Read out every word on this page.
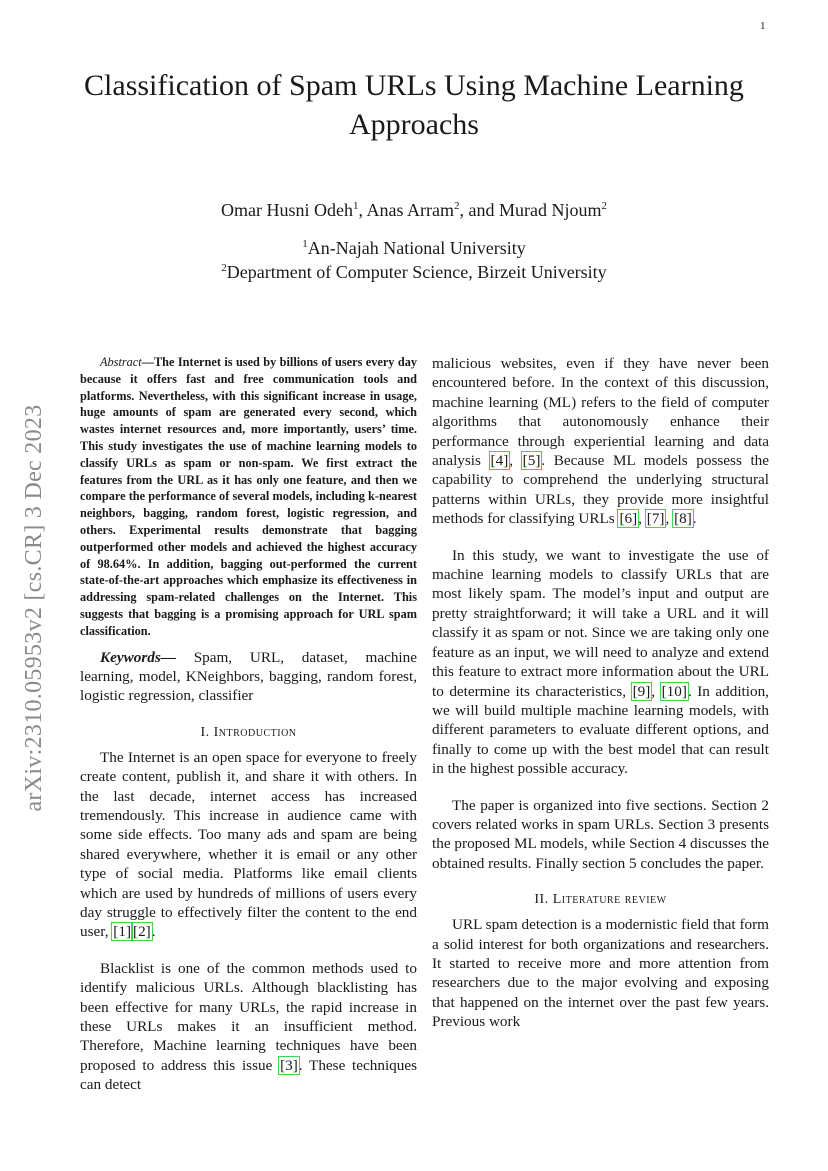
1
arXiv:2310.05953v2 [cs.CR] 3 Dec 2023
Classification of Spam URLs Using Machine Learning Approachs
Omar Husni Odeh$^1$, Anas Arram$^2$, and Murad Njoum$^2$
$^1$An-Najah National University
$^2$Department of Computer Science, Birzeit University

Abstract—The Internet is used by billions of users every day because it offers fast and free communication tools and platforms. Nevertheless, with this significant increase in usage, huge amounts of spam are generated every second, which wastes internet resources and, more importantly, users’ time. This study investigates the use of machine learning models to classify URLs as spam or non-spam. We first extract the features from the URL as it has only one feature, and then we compare the performance of several models, including k-nearest neighbors, bagging, random forest, logistic regression, and others. Experimental results demonstrate that bagging outperformed other models and achieved the highest accuracy of 98.64%. In addition, bagging out-performed the current state-of-the-art approaches which emphasize its effectiveness in addressing spam-related challenges on the Internet. This suggests that bagging is a promising approach for URL spam classification.

Keywords— Spam, URL, dataset, machine learning, model, KNeighbors, bagging, random forest, logistic regression, classifier

I. Introduction

The Internet is an open space for everyone to freely create content, publish it, and share it with others. In the last decade, internet access has increased tremendously. This increase in audience came with some side effects. Too many ads and spam are being shared everywhere, whether it is email or any other type of social media. Platforms like email clients which are used by hundreds of millions of users every day struggle to effectively filter the content to the end user, [1] [2].

Blacklist is one of the common methods used to identify malicious URLs. Although blacklisting has been effective for many URLs, the rapid increase in these URLs makes it an insufficient method. Therefore, Machine learning techniques have been proposed to address this issue [3]. These techniques can detect

malicious websites, even if they have never been encountered before. In the context of this discussion, machine learning (ML) refers to the field of computer algorithms that autonomously enhance their performance through experiential learning and data analysis [4], [5]. Because ML models possess the capability to comprehend the underlying structural patterns within URLs, they provide more insightful methods for classifying URLs [6], [7], [8].

In this study, we want to investigate the use of machine learning models to classify URLs that are most likely spam. The model’s input and output are pretty straightforward; it will take a URL and it will classify it as spam or not. Since we are taking only one feature as an input, we will need to analyze and extend this feature to extract more information about the URL to determine its characteristics, [9], [10]. In addition, we will build multiple machine learning models, with different parameters to evaluate different options, and finally to come up with the best model that can result in the highest possible accuracy.

The paper is organized into five sections. Section 2 covers related works in spam URLs. Section 3 presents the proposed ML models, while Section 4 discusses the obtained results. Finally section 5 concludes the paper.

II. Literature review

URL spam detection is a modernistic field that form a solid interest for both organizations and researchers. It started to receive more and more attention from researchers due to the major evolving and exposing that happened on the internet over the past few years. Previous work
